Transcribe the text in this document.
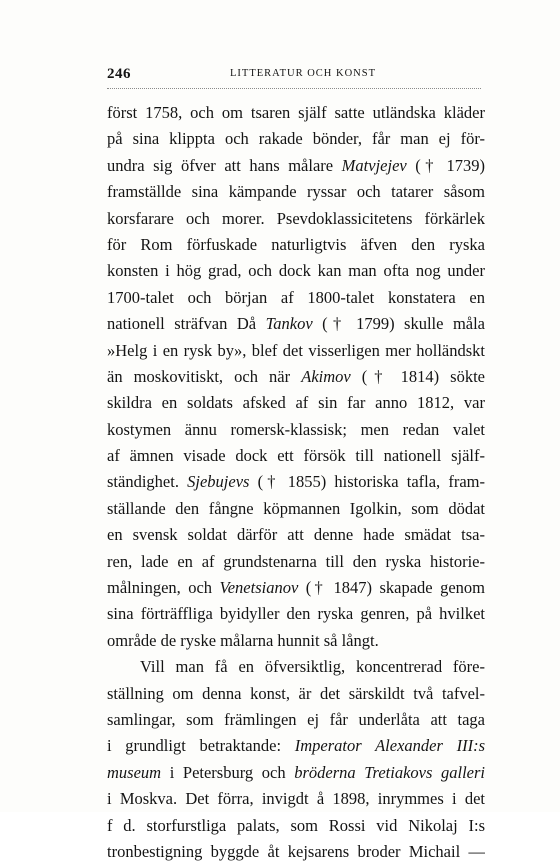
246	LITTERATUR OCH KONST
först 1758, och om tsaren själf satte utländska kläder
på sina klippta och rakade bönder, får man ej för-
undra sig öfver att hans målare Matvjejev († 1739)
framställde sina kämpande ryssar och tatarer såsom
korsfarare och morer. Psevdoklassicitetens förkärlek
för Rom förfuskade naturligtvis äfven den ryska
konsten i hög grad, och dock kan man ofta nog under
1700-talet och början af 1800-talet konstatera en
nationell sträfvan Då Tankov († 1799) skulle måla
»Helg i en rysk by», blef det visserligen mer holländskt
än moskovitiskt, och när Akimov († 1814) sökte
skildra en soldats afsked af sin far anno 1812, var
kostymen ännu romersk-klassisk; men redan valet
af ämnen visade dock ett försök till nationell själf-
ständighet. Sjebujevs († 1855) historiska tafla, fram-
ställande den fångne köpmannen Igolkin, som dödat
en svensk soldat därför att denne hade smädat tsa-
ren, lade en af grundstenarna till den ryska historie-
målningen, och Venetsianov († 1847) skapade genom
sina förträffliga byidyller den ryska genren, på hvilket
område de ryske målarna hunnit så långt.
Vill man få en öfversiktlig, koncentrerad före-
ställning om denna konst, är det särskildt två tafvel-
samlingar, som främlingen ej får underlåta att taga
i grundligt betraktande: Imperator Alexander III:s
museum i Petersburg och bröderna Tretiakovs galleri
i Moskva. Det förra, invigdt å 1898, inrymmes i det
f d. storfurstliga palats, som Rossi vid Nikolaj I:s
tronbestigning byggde åt kejsarens broder Michail —
